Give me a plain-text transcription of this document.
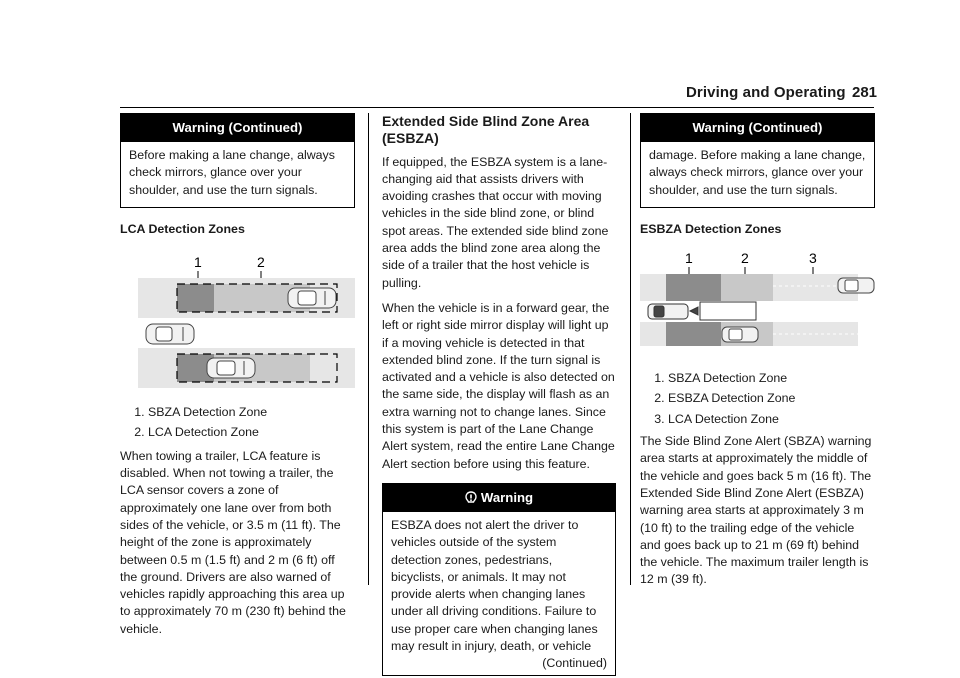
Driving and Operating 281
Warning (Continued)
Before making a lane change, always check mirrors, glance over your shoulder, and use the turn signals.
LCA Detection Zones
1	2
1. SBZA Detection Zone
2. LCA Detection Zone

When towing a trailer, LCA feature is disabled. When not towing a trailer, the LCA sensor covers a zone of approximately one lane over from both sides of the vehicle, or 3.5 m (11 ft). The height of the zone is approximately between 0.5 m (1.5 ft) and 2 m (6 ft) off the ground. Drivers are also warned of vehicles rapidly approaching this area up to approximately 70 m (230 ft) behind the vehicle.

Extended Side Blind Zone Area (ESBZA)

If equipped, the ESBZA system is a lane-changing aid that assists drivers with avoiding crashes that occur with moving vehicles in the side blind zone, or blind spot areas. The extended side blind zone area adds the blind zone area along the side of a trailer that the host vehicle is pulling.

When the vehicle is in a forward gear, the left or right side mirror display will light up if a moving vehicle is detected in that extended blind zone. If the turn signal is activated and a vehicle is also detected on the same side, the display will flash as an extra warning not to change lanes. Since this system is part of the Lane Change Alert system, read the entire Lane Change Alert section before using this feature.

Warning
ESBZA does not alert the driver to vehicles outside of the system detection zones, pedestrians, bicyclists, or animals. It may not provide alerts when changing lanes under all driving conditions. Failure to use proper care when changing lanes may result in injury, death, or vehicle
(Continued)
Warning (Continued)
damage. Before making a lane change, always check mirrors, glance over your shoulder, and use the turn signals.
ESBZA Detection Zones
1	2	3
1. SBZA Detection Zone
2. ESBZA Detection Zone
3. LCA Detection Zone

The Side Blind Zone Alert (SBZA) warning area starts at approximately the middle of the vehicle and goes back 5 m (16 ft). The Extended Side Blind Zone Alert (ESBZA) warning area starts at approximately 3 m (10 ft) to the trailing edge of the vehicle and goes back up to 21 m (69 ft) behind the vehicle. The maximum trailer length is 12 m (39 ft).
